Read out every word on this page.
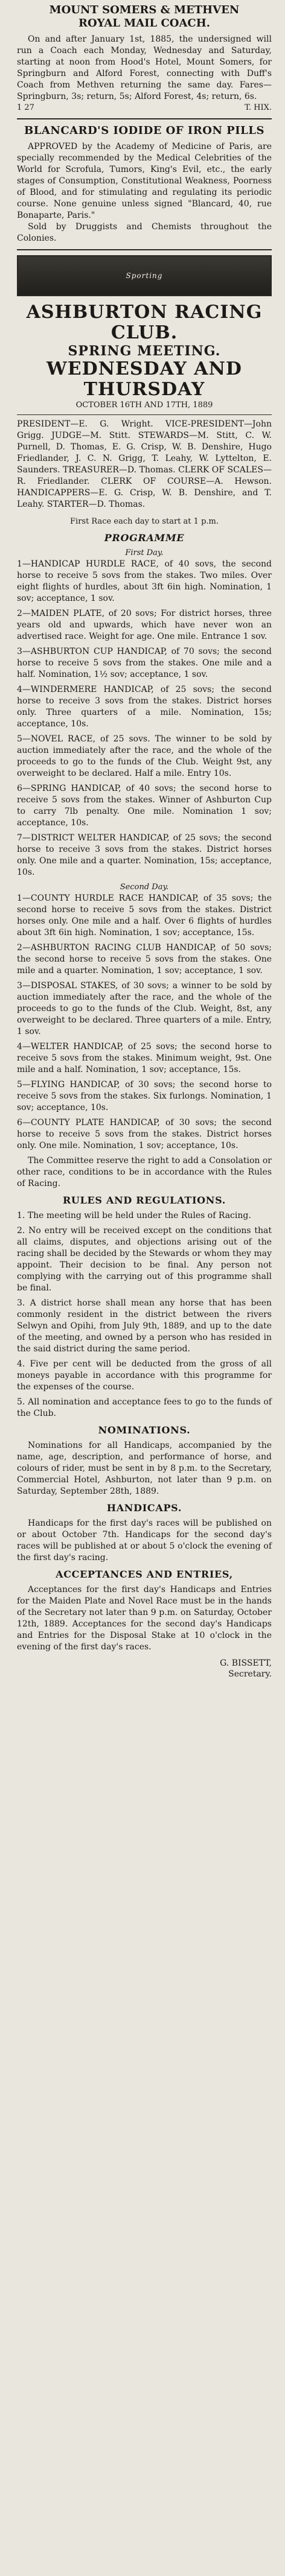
MOUNT SOMERS & METHVEN
ROYAL MAIL COACH.
On and after January 1st, 1885, the undersigned will run a Coach each Monday, Wednesday and Saturday, starting at noon from Hood's Hotel, Mount Somers, for Springburn and Alford Forest, connecting with Duff's Coach from Methven returning the same day. Fares—Springburn, 3s; return, 5s; Alford Forest, 4s; return, 6s.
1 27	T. HIX.
BLANCARD'S IODIDE OF IRON PILLS
APPROVED by the Academy of Medicine of Paris, are specially recommended by the Medical Celebrities of the World for Scrofula, Tumors, King's Evil, etc., the early stages of Consumption, Constitutional Weakness, Poorness of Blood, and for stimulating and regulating its periodic course. None genuine unless signed "Blancard, 40, rue Bonaparte, Paris."
Sold by Druggists and Chemists throughout the Colonies.
Sporting
ASHBURTON RACING CLUB.
SPRING MEETING.
WEDNESDAY AND THURSDAY
OCTOBER 16TH AND 17TH, 1889
PRESIDENT—E. G. Wright. VICE-PRESIDENT—John Grigg. JUDGE—M. Stitt. STEWARDS—M. Stitt, C. W. Purnell, D. Thomas, E. G. Crisp, W. B. Denshire, Hugo Friedlander, J. C. N. Grigg, T. Leahy, W. Lyttelton, E. Saunders. TREASURER—D. Thomas. CLERK OF SCALES—R. Friedlander. CLERK OF COURSE—A. Hewson. HANDICAPPERS—E. G. Crisp, W. B. Denshire, and T. Leahy. STARTER—D. Thomas.
First Race each day to start at 1 p.m.
PROGRAMME
First Day.

1—HANDICAP HURDLE RACE, of 40 sovs, the second horse to receive 5 sovs from the stakes. Two miles. Over eight flights of hurdles, about 3ft 6in high. Nomination, 1 sov; acceptance, 1 sov.

2—MAIDEN PLATE, of 20 sovs; For district horses, three years old and upwards, which have never won an advertised race. Weight for age. One mile. Entrance 1 sov.

3—ASHBURTON CUP HANDICAP, of 70 sovs; the second horse to receive 5 sovs from the stakes. One mile and a half. Nomination, 1½ sov; acceptance, 1 sov.

4—WINDERMERE HANDICAP, of 25 sovs; the second horse to receive 3 sovs from the stakes. District horses only. Three quarters of a mile. Nomination, 15s; acceptance, 10s.

5—NOVEL RACE, of 25 sovs. The winner to be sold by auction immediately after the race, and the whole of the proceeds to go to the funds of the Club. Weight 9st, any overweight to be declared. Half a mile. Entry 10s.

6—SPRING HANDICAP, of 40 sovs; the second horse to receive 5 sovs from the stakes. Winner of Ashburton Cup to carry 7lb penalty. One mile. Nomination 1 sov; acceptance, 10s.

7—DISTRICT WELTER HANDICAP, of 25 sovs; the second horse to receive 3 sovs from the stakes. District horses only. One mile and a quarter. Nomination, 15s; acceptance, 10s.

Second Day.

1—COUNTY HURDLE RACE HANDICAP, of 35 sovs; the second horse to receive 5 sovs from the stakes. District horses only. One mile and a half. Over 6 flights of hurdles about 3ft 6in high. Nomination, 1 sov; acceptance, 15s.

2—ASHBURTON RACING CLUB HANDICAP, of 50 sovs; the second horse to receive 5 sovs from the stakes. One mile and a quarter. Nomination, 1 sov; acceptance, 1 sov.

3—DISPOSAL STAKES, of 30 sovs; a winner to be sold by auction immediately after the race, and the whole of the proceeds to go to the funds of the Club. Weight, 8st, any overweight to be declared. Three quarters of a mile. Entry, 1 sov.

4—WELTER HANDICAP, of 25 sovs; the second horse to receive 5 sovs from the stakes. Minimum weight, 9st. One mile and a half. Nomination, 1 sov; acceptance, 15s.

5—FLYING HANDICAP, of 30 sovs; the second horse to receive 5 sovs from the stakes. Six furlongs. Nomination, 1 sov; acceptance, 10s.

6—COUNTY PLATE HANDICAP, of 30 sovs; the second horse to receive 5 sovs from the stakes. District horses only. One mile. Nomination, 1 sov; acceptance, 10s.

The Committee reserve the right to add a Consolation or other race, conditions to be in accordance with the Rules of Racing.
RULES AND REGULATIONS.

1. The meeting will be held under the Rules of Racing.

2. No entry will be received except on the conditions that all claims, disputes, and objections arising out of the racing shall be decided by the Stewards or whom they may appoint. Their decision to be final. Any person not complying with the carrying out of this programme shall be final.

3. A district horse shall mean any horse that has been commonly resident in the district between the rivers Selwyn and Opihi, from July 9th, 1889, and up to the date of the meeting, and owned by a person who has resided in the said district during the same period.

4. Five per cent will be deducted from the gross of all moneys payable in accordance with this programme for the expenses of the course.

5. All nomination and acceptance fees to go to the funds of the Club.

NOMINATIONS.
Nominations for all Handicaps, accompanied by the name, age, description, and performance of horse, and colours of rider, must be sent in by 8 p.m. to the Secretary, Commercial Hotel, Ashburton, not later than 9 p.m. on Saturday, September 28th, 1889.
HANDICAPS.
Handicaps for the first day's races will be published on or about October 7th. Handicaps for the second day's races will be published at or about 5 o'clock the evening of the first day's racing.
ACCEPTANCES AND ENTRIES,
Acceptances for the first day's Handicaps and Entries for the Maiden Plate and Novel Race must be in the hands of the Secretary not later than 9 p.m. on Saturday, October 12th, 1889. Acceptances for the second day's Handicaps and Entries for the Disposal Stake at 10 o'clock in the evening of the first day's races.
G. BISSETT,
Secretary.
